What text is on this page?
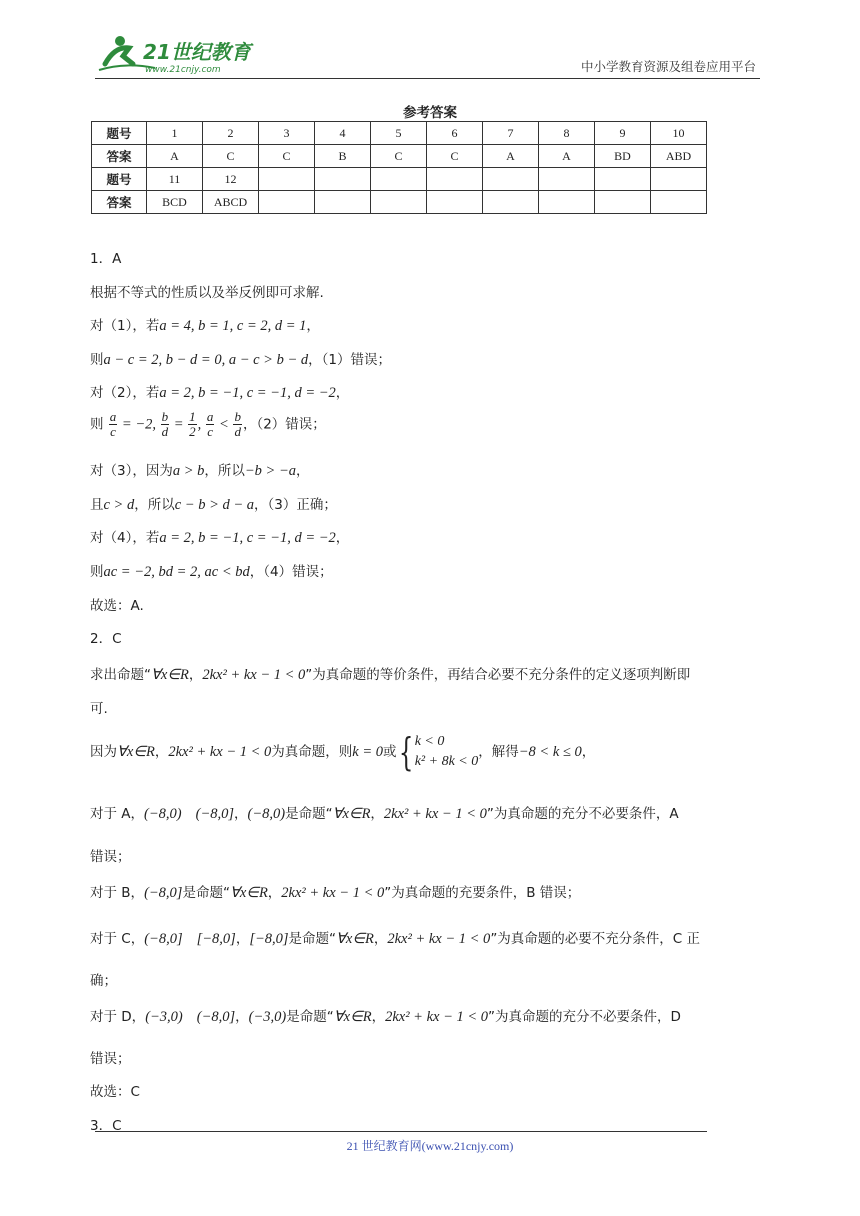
21世纪教育
www.21cnjy.com	中小学教育资源及组卷应用平台
参考答案
题号	1	2	3	4	5	6	7	8	9	10
答案	A	C	C	B	C	C	A	A	BD	ABD
题号	11	12								
答案	BCD	ABCD								
1．A
根据不等式的性质以及举反例即可求解.
对（1），若a = 4, b = 1, c = 2, d = 1，
则a − c = 2, b − d = 0, a − c > b − d，（1）错误；
对（2），若a = 2, b = −1, c = −1, d = −2，
则 $\frac{a}{c} = -2$, $\frac{b}{d} = \frac{1}{2}$ , $\frac{a}{c} < \frac{b}{d}$ ，（2）错误；
对（3），因为a > b，所以−b > −a，
且c > d，所以c − b > d − a，（3）正确；
对（4），若a = 2, b = −1, c = −1, d = −2，
则ac = −2, bd = 2, ac < bd，（4）错误；
故选：A.
2．C
求出命题“∀x∈R，2kx² + kx − 1 < 0”为真命题的等价条件，再结合必要不充分条件的定义逐项判断即
可.
因为∀x∈R，2kx² + kx − 1 < 0为真命题，则k = 0或{ k < 0
k² + 8k < 0
，解得−8 < k ≤ 0，
对于 A，(−8,0) (−8,0]，(−8,0)是命题“∀x∈R，2kx² + kx − 1 < 0”为真命题的充分不必要条件，A
错误；
对于 B，(−8,0]是命题“∀x∈R，2kx² + kx − 1 < 0”为真命题的充要条件，B 错误；
对于 C，(−8,0] [−8,0]，[−8,0]是命题“∀x∈R，2kx² + kx − 1 < 0”为真命题的必要不充分条件，C 正
确；
对于 D，(−3,0) (−8,0]，(−3,0)是命题“∀x∈R，2kx² + kx − 1 < 0”为真命题的充分不必要条件，D
错误；
故选：C
3．C
21 世纪教育网(www.21cnjy.com)
